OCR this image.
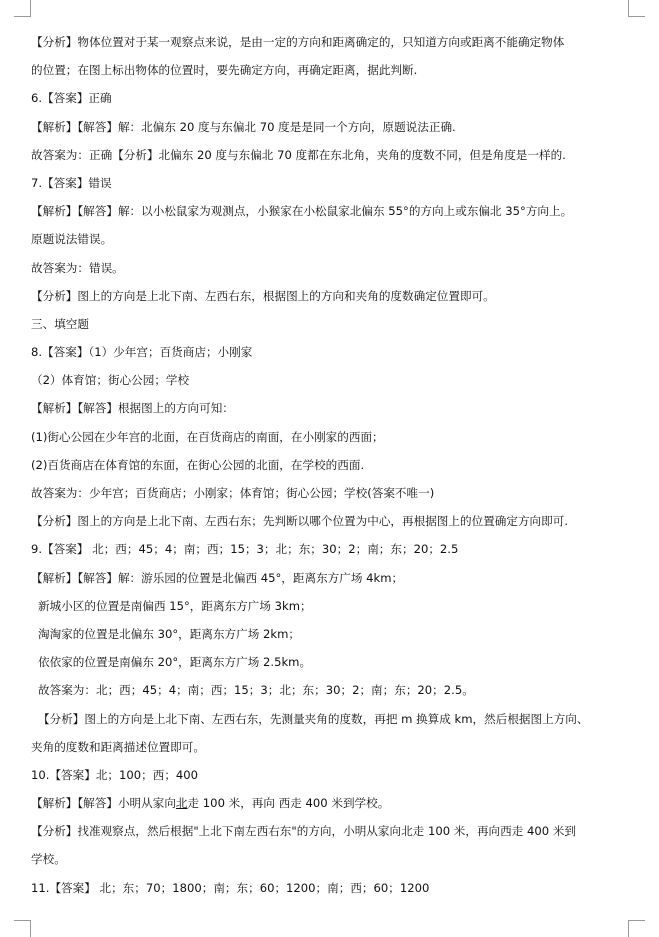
【分析】物体位置对于某一观察点来说，是由一定的方向和距离确定的，只知道方向或距离不能确定物体
的位置；在图上标出物体的位置时，要先确定方向，再确定距离，据此判断.
6.【答案】正确
【解析】【解答】解：北偏东 20 度与东偏北 70 度是是同一个方向，原题说法正确.
故答案为：正确【分析】北偏东 20 度与东偏北 70 度都在东北角，夹角的度数不同，但是角度是一样的.
7.【答案】错误
【解析】【解答】解：以小松鼠家为观测点，小猴家在小松鼠家北偏东 55°的方向上或东偏北 35°方向上。
原题说法错误。
故答案为：错误。
【分析】图上的方向是上北下南、左西右东，根据图上的方向和夹角的度数确定位置即可。
三、填空题
8.【答案】（1）少年宫；百货商店；小刚家
（2）体育馆；街心公园；学校
【解析】【解答】根据图上的方向可知：
(1)街心公园在少年宫的北面，在百货商店的南面，在小刚家的西面；
(2)百货商店在体育馆的东面，在街心公园的北面，在学校的西面.
故答案为：少年宫；百货商店；小刚家；体育馆；街心公园；学校(答案不唯一)
【分析】图上的方向是上北下南、左西右东；先判断以哪个位置为中心，再根据图上的位置确定方向即可.
9.【答案】 北；西；45；4；南；西；15；3；北；东；30；2；南；东；20；2.5
【解析】【解答】解：游乐园的位置是北偏西 45°，距离东方广场 4km；
新城小区的位置是南偏西 15°，距离东方广场 3km；
淘淘家的位置是北偏东 30°，距离东方广场 2km；
依依家的位置是南偏东 20°，距离东方广场 2.5km。
故答案为：北；西；45；4；南；西；15；3；北；东；30；2；南；东；20；2.5。
【分析】图上的方向是上北下南、左西右东，先测量夹角的度数，再把 m 换算成 km，然后根据图上方向、
夹角的度数和距离描述位置即可。
10.【答案】北；100；西；400
【解析】【解答】小明从家向北走 100 米，再向 西走 400 米到学校。
【分析】找准观察点，然后根据"上北下南左西右东"的方向，小明从家向北走 100 米，再向西走 400 米到
学校。
11.【答案】 北；东；70；1800；南；东；60；1200；南；西；60；1200
